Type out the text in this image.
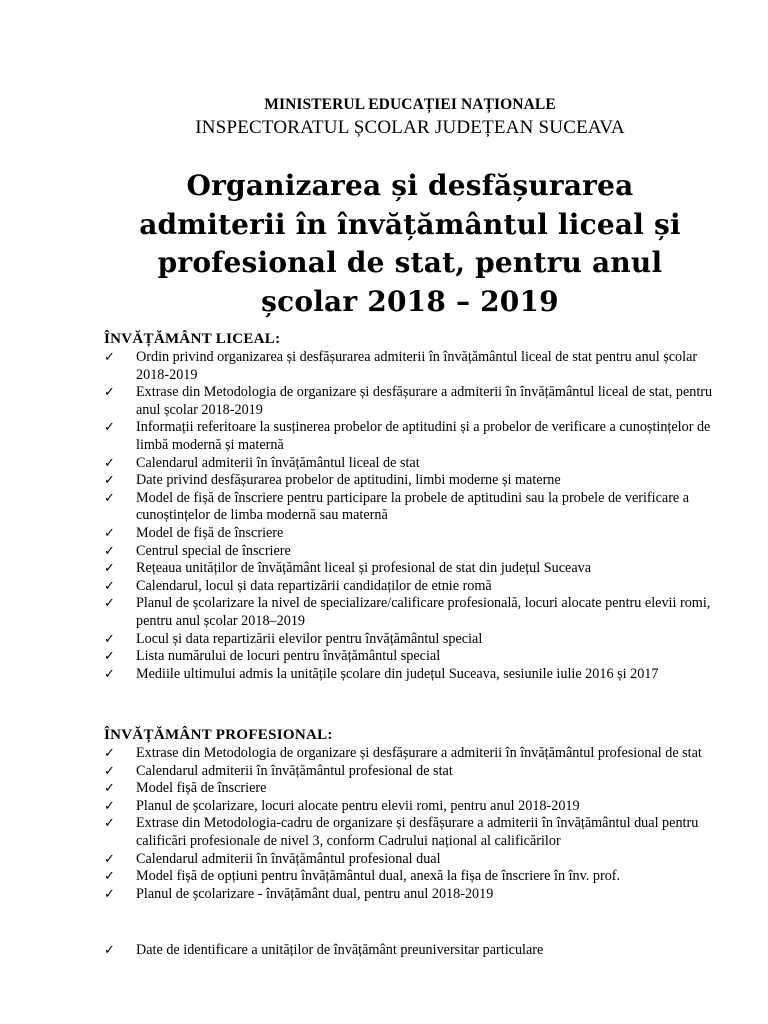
MINISTERUL EDUCAȚIEI NAȚIONALE
INSPECTORATUL ȘCOLAR JUDEȚEAN SUCEAVA
Organizarea și desfășurarea admiterii în învățământul liceal și profesional de stat, pentru anul școlar 2018 – 2019
ÎNVĂȚĂMÂNT LICEAL:
✓ Ordin privind organizarea și desfășurarea admiterii în învățământul liceal de stat pentru anul școlar 2018-2019
✓ Extrase din Metodologia de organizare și desfășurare a admiterii în învățământul liceal de stat, pentru anul școlar 2018-2019
✓ Informații referitoare la susținerea probelor de aptitudini și a probelor de verificare a cunoștințelor de limbă modernă și maternă
✓ Calendarul admiterii în învățământul liceal de stat
✓ Date privind desfășurarea probelor de aptitudini, limbi moderne și materne
✓ Model de fișă de înscriere pentru participare la probele de aptitudini sau la probele de verificare a cunoștințelor de limba modernă sau maternă
✓ Model de fișă de înscriere
✓ Centrul special de înscriere
✓ Rețeaua unităților de învățământ liceal și profesional de stat din județul Suceava
✓ Calendarul, locul și data repartizării candidaților de etnie romă
✓ Planul de școlarizare la nivel de specializare/calificare profesională, locuri alocate pentru elevii romi, pentru anul școlar 2018–2019
✓ Locul și data repartizării elevilor pentru învățământul special
✓ Lista numărului de locuri pentru învățământul special
✓ Mediile ultimului admis la unitățile școlare din județul Suceava, sesiunile iulie 2016 și 2017
ÎNVĂȚĂMÂNT PROFESIONAL:
✓ Extrase din Metodologia de organizare și desfășurare a admiterii în învățământul profesional de stat
✓ Calendarul admiterii în învățământul profesional de stat
✓ Model fișă de înscriere
✓ Planul de școlarizare, locuri alocate pentru elevii romi, pentru anul 2018-2019
✓ Extrase din Metodologia-cadru de organizare și desfășurare a admiterii în învățământul dual pentru calificări profesionale de nivel 3, conform Cadrului național al calificărilor
✓ Calendarul admiterii în învățământul profesional dual
✓ Model fișă de opțiuni pentru învățământul dual, anexă la fișa de înscriere în înv. prof.
✓ Planul de școlarizare - învățământ dual, pentru anul 2018-2019
✓ Date de identificare a unităților de învățământ preuniversitar particulare
